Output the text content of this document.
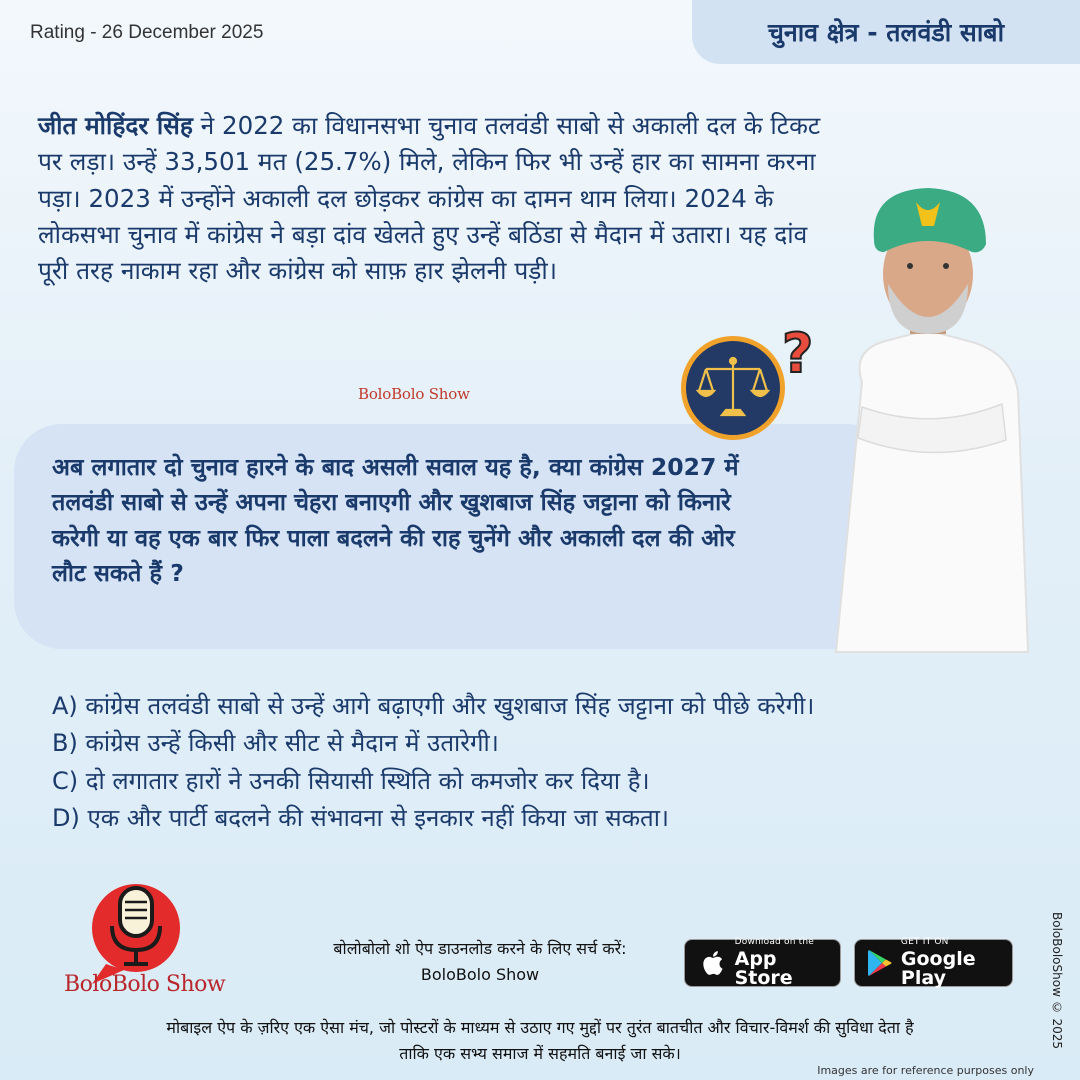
Rating - 26 December 2025	चुनाव क्षेत्र - तलवंडी साबो

जीत मोहिंदर सिंह ने 2022 का विधानसभा चुनाव तलवंडी साबो से अकाली दल के टिकट पर लड़ा। उन्हें 33,501 मत (25.7%) मिले, लेकिन फिर भी उन्हें हार का सामना करना पड़ा। 2023 में उन्होंने अकाली दल छोड़कर कांग्रेस का दामन थाम लिया। 2024 के लोकसभा चुनाव में कांग्रेस ने बड़ा दांव खेलते हुए उन्हें बठिंडा से मैदान में उतारा। यह दांव पूरी तरह नाकाम रहा और कांग्रेस को साफ़ हार झेलनी पड़ी।

BoloBolo Show

अब लगातार दो चुनाव हारने के बाद असली सवाल यह है, क्या कांग्रेस 2027 में तलवंडी साबो से उन्हें अपना चेहरा बनाएगी और खुशबाज सिंह जट्टाना को किनारे करेगी या वह एक बार फिर पाला बदलने की राह चुनेंगे और अकाली दल की ओर लौट सकते हैं ?

?
A) कांग्रेस तलवंडी साबो से उन्हें आगे बढ़ाएगी और खुशबाज सिंह जट्टाना को पीछे करेगी।
B) कांग्रेस उन्हें किसी और सीट से मैदान में उतारेगी।
C) दो लगातार हारों ने उनकी सियासी स्थिति को कमजोर कर दिया है।
D) एक और पार्टी बदलने की संभावना से इनकार नहीं किया जा सकता।
BoloBolo Show
बोलोबोलो शो ऐप डाउनलोड करने के लिए सर्च करें:
BoloBolo Show
Download on the
App Store
GET IT ON
Google Play
मोबाइल ऐप के ज़रिए एक ऐसा मंच, जो पोस्टरों के माध्यम से उठाए गए मुद्दों पर तुरंत बातचीत और विचार-विमर्श की सुविधा देता है
ताकि एक सभ्य समाज में सहमति बनाई जा सके।
BoloBoloShow © 2025
Images are for reference purposes only
